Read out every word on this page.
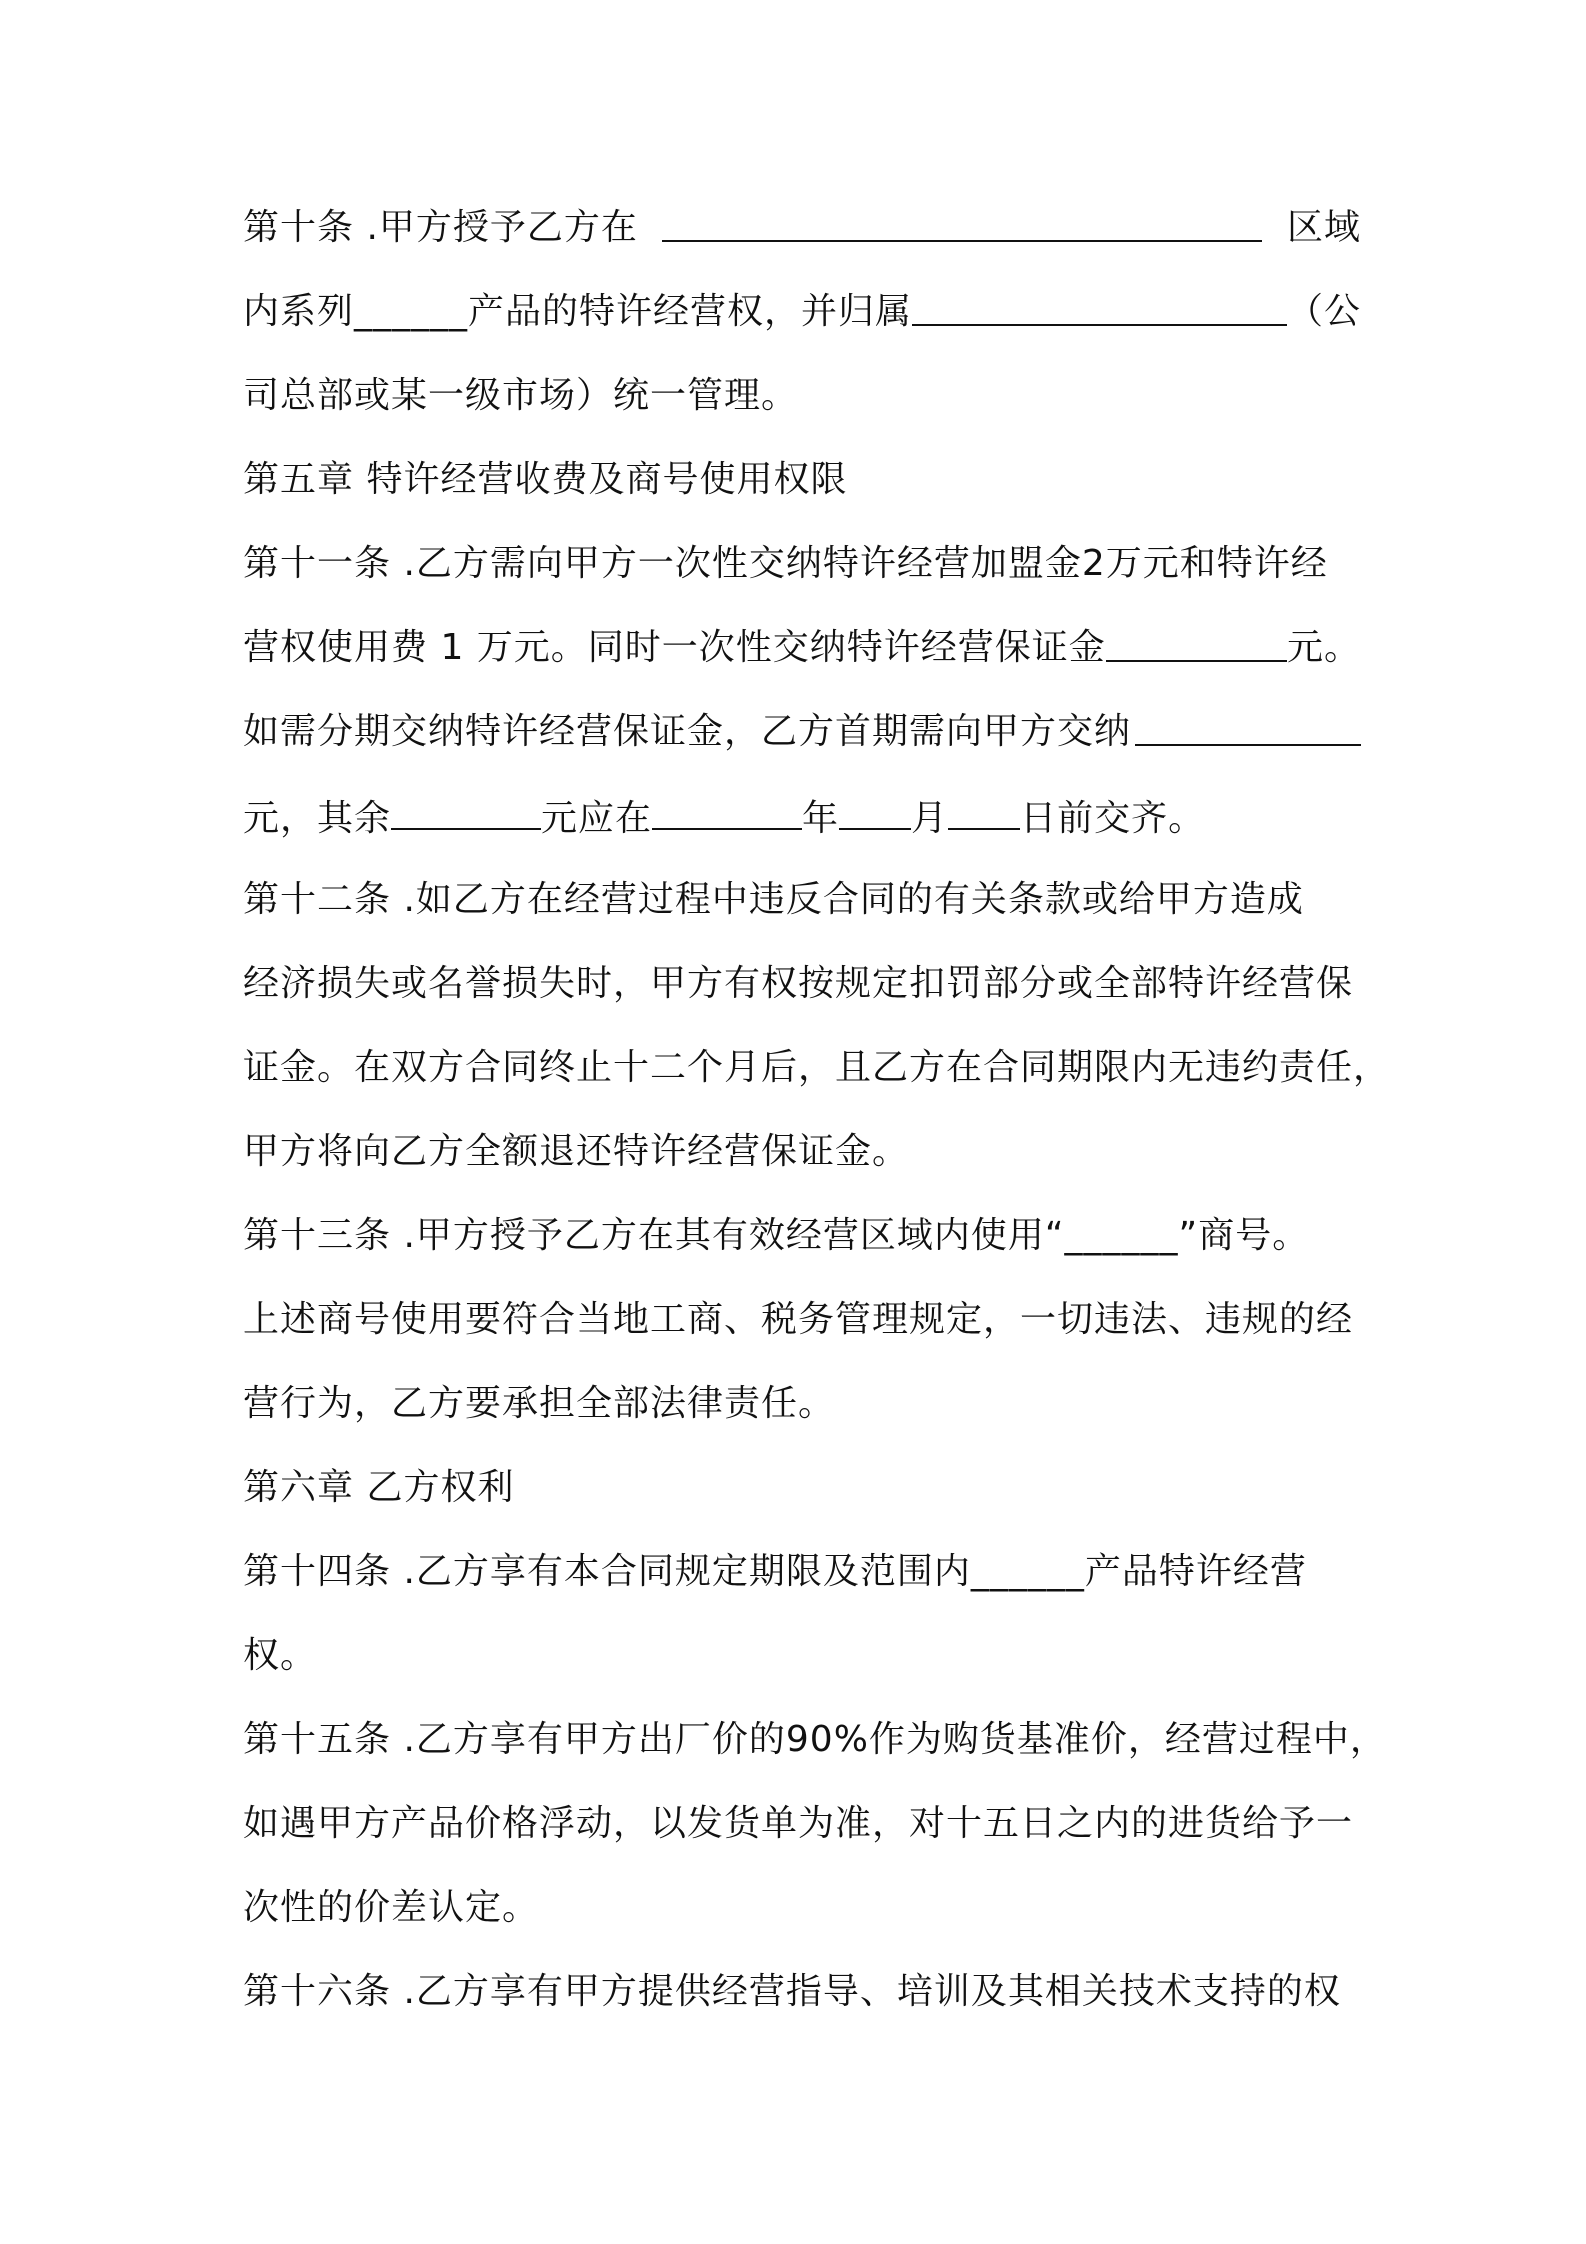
第十条 .甲方授予乙方在	区域
内系列______产品的特许经营权，并归属	（公
司总部或某一级市场）统一管理。
第五章 特许经营收费及商号使用权限
第十一条 .乙方需向甲方一次性交纳特许经营加盟金2万元和特许经
营权使用费 1 万元。同时一次性交纳特许经营保证金	元。
如需分期交纳特许经营保证金，乙方首期需向甲方交纳
元，其余	元应在	年 月 日前交齐。
第十二条 .如乙方在经营过程中违反合同的有关条款或给甲方造成
经济损失或名誉损失时，甲方有权按规定扣罚部分或全部特许经营保
证金。在双方合同终止十二个月后，且乙方在合同期限内无违约责任，
甲方将向乙方全额退还特许经营保证金。
第十三条 .甲方授予乙方在其有效经营区域内使用“______”商号。
上述商号使用要符合当地工商、税务管理规定，一切违法、违规的经
营行为，乙方要承担全部法律责任。
第六章 乙方权利
第十四条 .乙方享有本合同规定期限及范围内______产品特许经营
权。
第十五条 .乙方享有甲方出厂价的90%作为购货基准价，经营过程中，
如遇甲方产品价格浮动，以发货单为准，对十五日之内的进货给予一
次性的价差认定。
第十六条 .乙方享有甲方提供经营指导、培训及其相关技术支持的权
